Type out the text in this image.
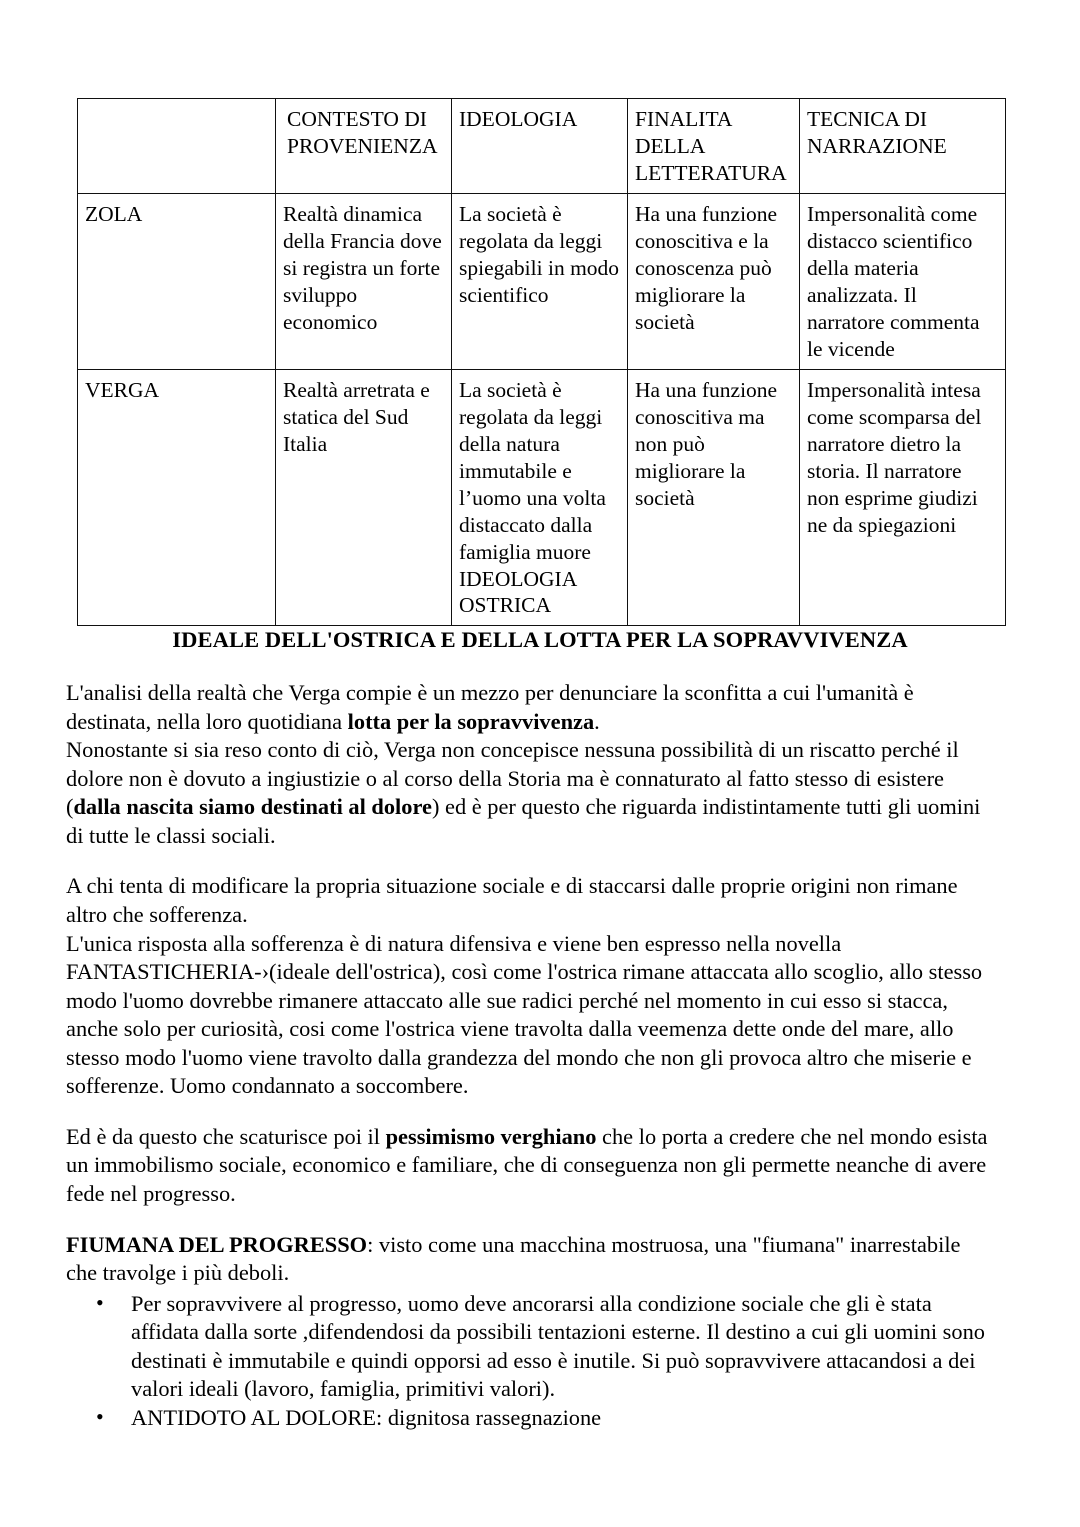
	CONTESTO DI PROVENIENZA	IDEOLOGIA	FINALITA DELLA LETTERATURA	TECNICA DI NARRAZIONE
ZOLA	Realtà dinamica della Francia dove si registra un forte sviluppo economico	La società è regolata da leggi spiegabili in modo scientifico	Ha una funzione conoscitiva e la conoscenza può migliorare la società	Impersonalità come distacco scientifico della materia analizzata. Il narratore commenta le vicende
VERGA	Realtà arretrata e statica del Sud Italia	La società è regolata da leggi della natura immutabile e l’uomo una volta distaccato dalla famiglia muore IDEOLOGIA OSTRICA	Ha una funzione conoscitiva ma non può migliorare la società	Impersonalità intesa come scomparsa del narratore dietro la storia. Il narratore non esprime giudizi ne da spiegazioni
IDEALE DELL'OSTRICA E DELLA LOTTA PER LA SOPRAVVIVENZA

L'analisi della realtà che Verga compie è un mezzo per denunciare la sconfitta a cui l'umanità è destinata, nella loro quotidiana lotta per la sopravvivenza.
Nonostante si sia reso conto di ciò, Verga non concepisce nessuna possibilità di un riscatto perché il dolore non è dovuto a ingiustizie o al corso della Storia ma è connaturato al fatto stesso di esistere (dalla nascita siamo destinati al dolore) ed è per questo che riguarda indistintamente tutti gli uomini di tutte le classi sociali.

A chi tenta di modificare la propria situazione sociale e di staccarsi dalle proprie origini non rimane altro che sofferenza.
L'unica risposta alla sofferenza è di natura difensiva e viene ben espresso nella novella FANTASTICHERIA-›(ideale dell'ostrica), così come l'ostrica rimane attaccata allo scoglio, allo stesso modo l'uomo dovrebbe rimanere attaccato alle sue radici perché nel momento in cui esso si stacca, anche solo per curiosità, cosi come l'ostrica viene travolta dalla veemenza dette onde del mare, allo stesso modo l'uomo viene travolto dalla grandezza del mondo che non gli provoca altro che miserie e sofferenze. Uomo condannato a soccombere.

Ed è da questo che scaturisce poi il pessimismo verghiano che lo porta a credere che nel mondo esista un immobilismo sociale, economico e familiare, che di conseguenza non gli permette neanche di avere fede nel progresso.

FIUMANA DEL PROGRESSO: visto come una macchina mostruosa, una "fiumana" inarrestabile che travolge i più deboli.

• Per sopravvivere al progresso, uomo deve ancorarsi alla condizione sociale che gli è stata affidata dalla sorte ,difendendosi da possibili tentazioni esterne. Il destino a cui gli uomini sono destinati è immutabile e quindi opporsi ad esso è inutile. Si può sopravvivere attacandosi a dei valori ideali (lavoro, famiglia, primitivi valori).
• ANTIDOTO AL DOLORE: dignitosa rassegnazione
